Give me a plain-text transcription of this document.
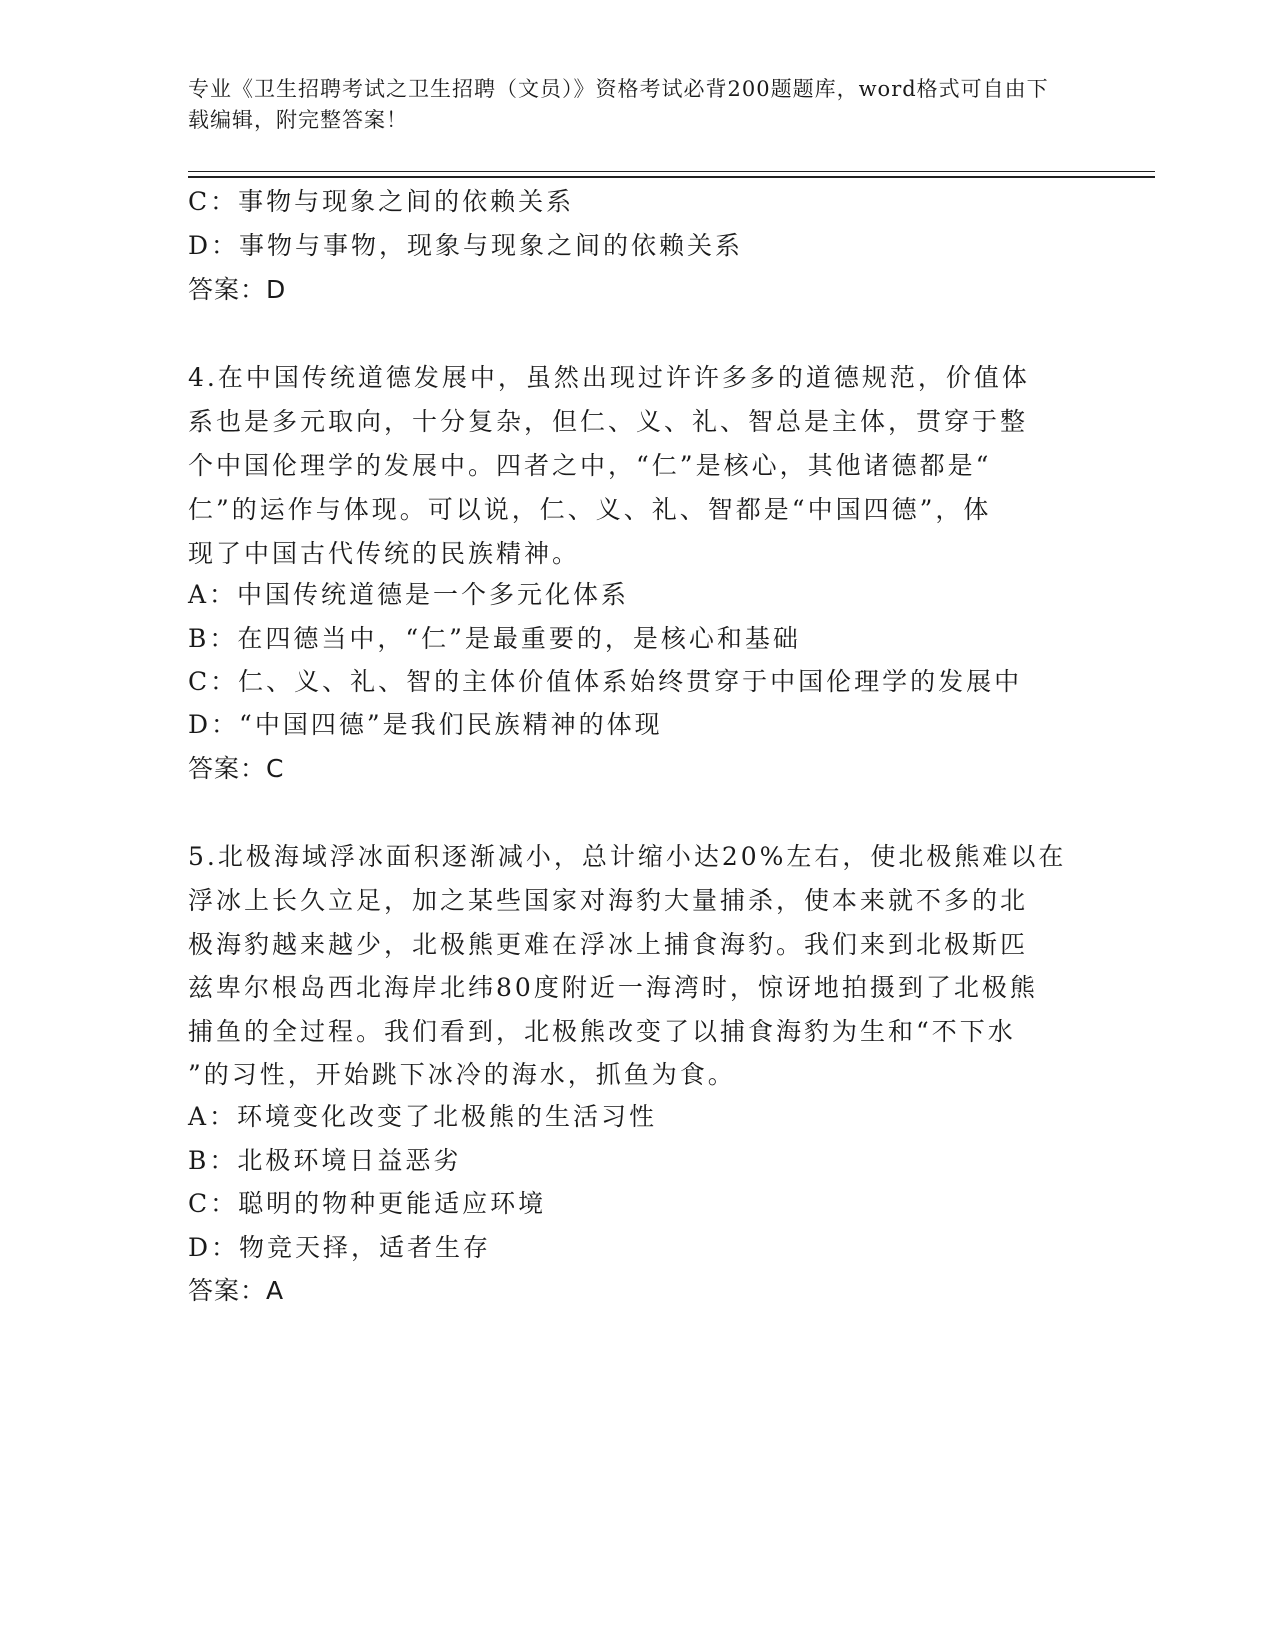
专业《卫生招聘考试之卫生招聘（文员）》资格考试必背200题题库，word格式可自由下载编辑，附完整答案！
C：事物与现象之间的依赖关系
D：事物与事物，现象与现象之间的依赖关系
答案：D
4.在中国传统道德发展中，虽然出现过许许多多的道德规范，价值体
系也是多元取向，十分复杂，但仁、义、礼、智总是主体，贯穿于整
个中国伦理学的发展中。四者之中，“仁”是核心，其他诸德都是“
仁”的运作与体现。可以说，仁、义、礼、智都是“中国四德”，体
现了中国古代传统的民族精神。
A：中国传统道德是一个多元化体系
B：在四德当中，“仁”是最重要的，是核心和基础
C：仁、义、礼、智的主体价值体系始终贯穿于中国伦理学的发展中
D：“中国四德”是我们民族精神的体现
答案：C
5.北极海域浮冰面积逐渐减小，总计缩小达20%左右，使北极熊难以在
浮冰上长久立足，加之某些国家对海豹大量捕杀，使本来就不多的北
极海豹越来越少，北极熊更难在浮冰上捕食海豹。我们来到北极斯匹
兹卑尔根岛西北海岸北纬80度附近一海湾时，惊讶地拍摄到了北极熊
捕鱼的全过程。我们看到，北极熊改变了以捕食海豹为生和“不下水
”的习性，开始跳下冰冷的海水，抓鱼为食。
A：环境变化改变了北极熊的生活习性
B：北极环境日益恶劣
C：聪明的物种更能适应环境
D：物竞天择，适者生存
答案：A
